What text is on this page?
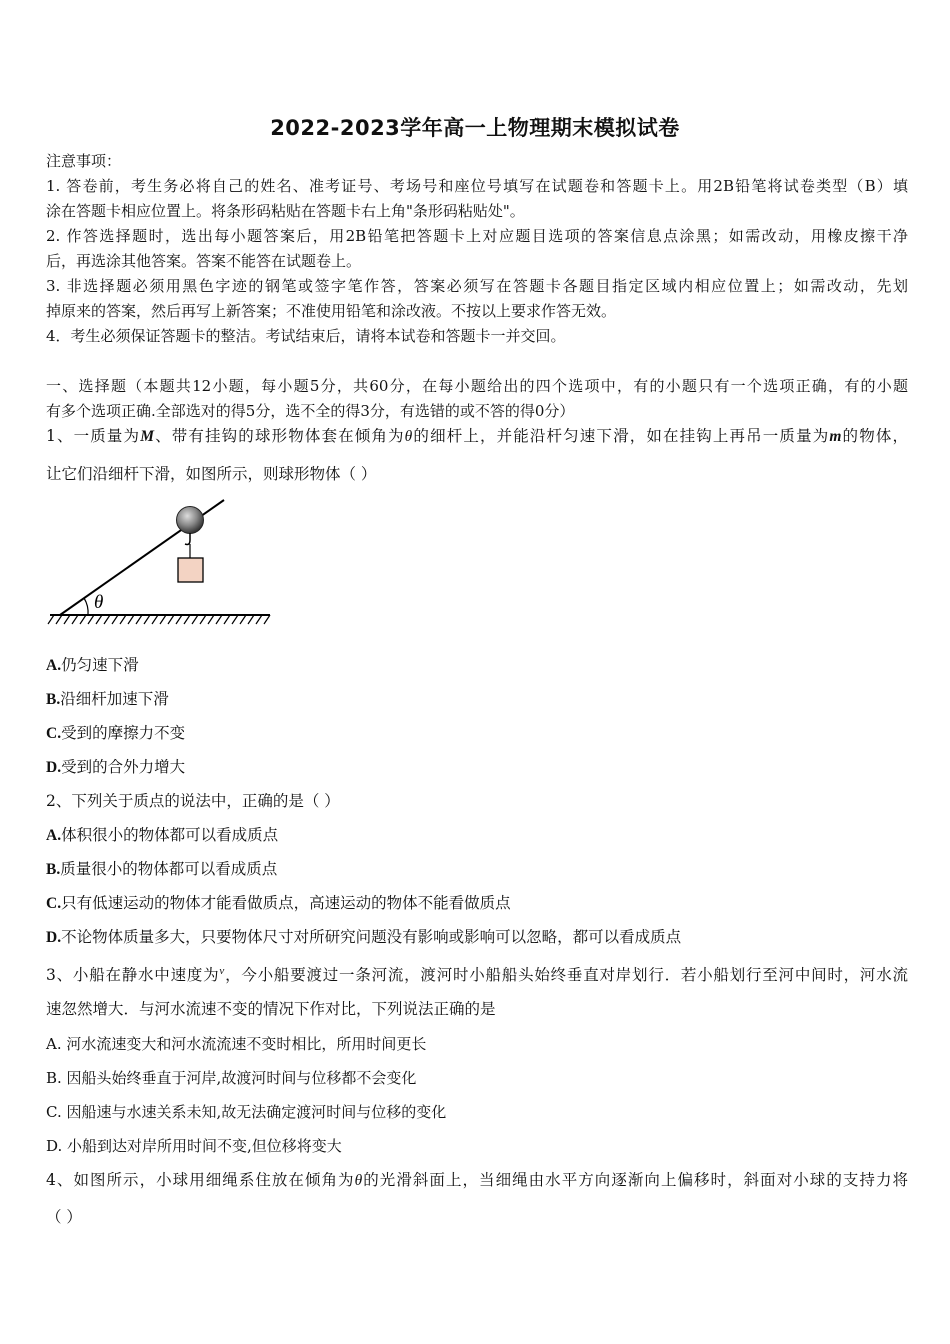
2022-2023学年高一上物理期末模拟试卷
注意事项：
1. 答卷前，考生务必将自己的姓名、准考证号、考场号和座位号填写在试题卷和答题卡上。用2B铅笔将试卷类型（B）填
涂在答题卡相应位置上。将条形码粘贴在答题卡右上角"条形码粘贴处"。
2. 作答选择题时，选出每小题答案后，用2B铅笔把答题卡上对应题目选项的答案信息点涂黑；如需改动，用橡皮擦干净
后，再选涂其他答案。答案不能答在试题卷上。
3. 非选择题必须用黑色字迹的钢笔或签字笔作答，答案必须写在答题卡各题目指定区域内相应位置上；如需改动，先划
掉原来的答案，然后再写上新答案；不准使用铅笔和涂改液。不按以上要求作答无效。
4．考生必须保证答题卡的整洁。考试结束后，请将本试卷和答题卡一并交回。
一、选择题（本题共12小题，每小题5分，共60分，在每小题给出的四个选项中，有的小题只有一个选项正确，有的小题
有多个选项正确.全部选对的得5分，选不全的得3分，有选错的或不答的得0分）
1、一质量为M、带有挂钩的球形物体套在倾角为θ的细杆上，并能沿杆匀速下滑，如在挂钩上再吊一质量为m的物体，
让它们沿细杆下滑，如图所示，则球形物体（ ）
θ
A.仍匀速下滑
B.沿细杆加速下滑
C.受到的摩擦力不变
D.受到的合外力增大
2、下列关于质点的说法中，正确的是（ ）
A.体积很小的物体都可以看成质点
B.质量很小的物体都可以看成质点
C.只有低速运动的物体才能看做质点，高速运动的物体不能看做质点
D.不论物体质量多大，只要物体尺寸对所研究问题没有影响或影响可以忽略，都可以看成质点
3、小船在静水中速度为$^v$，今小船要渡过一条河流，渡河时小船船头始终垂直对岸划行．若小船划行至河中间时，河水流
速忽然增大．与河水流速不变的情况下作对比，下列说法正确的是
A. 河水流速变大和河水流流速不变时相比，所用时间更长
B. 因船头始终垂直于河岸,故渡河时间与位移都不会变化
C. 因船速与水速关系未知,故无法确定渡河时间与位移的变化
D. 小船到达对岸所用时间不变,但位移将变大
4、如图所示，小球用细绳系住放在倾角为θ的光滑斜面上，当细绳由水平方向逐渐向上偏移时，斜面对小球的支持力将
（ ）
